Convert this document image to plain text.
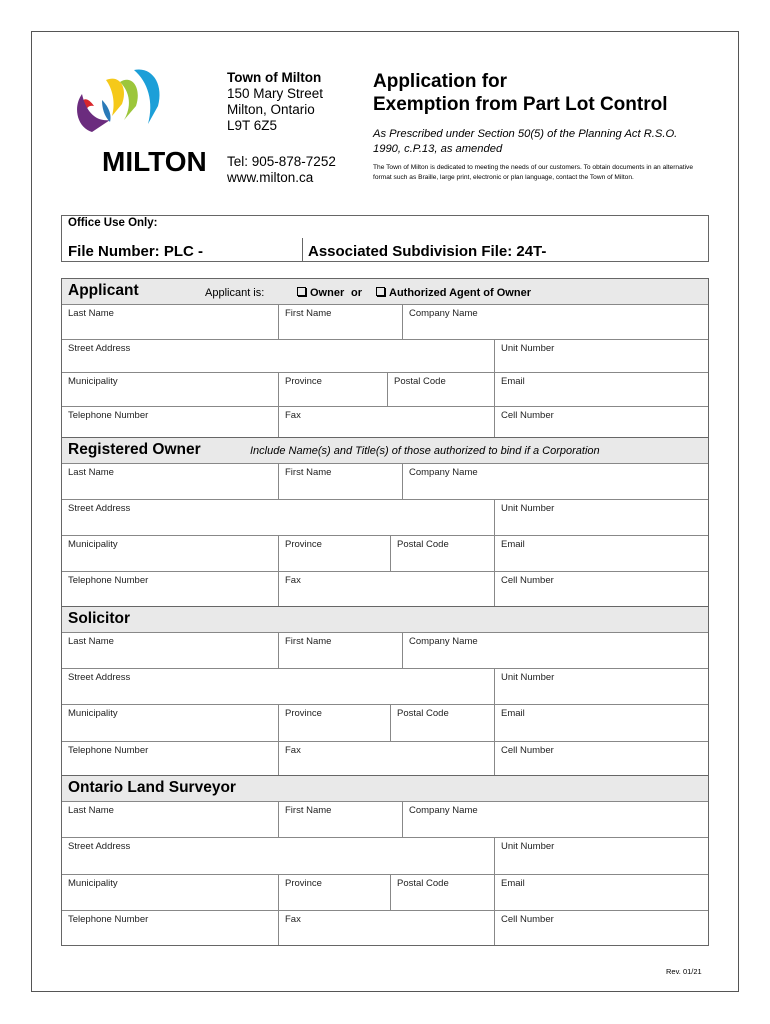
MILTON
Town of Milton
150 Mary Street
Milton, Ontario
L9T 6Z5
Tel: 905-878-7252
www.milton.ca
Application for
Exemption from Part Lot Control
As Prescribed under Section 50(5) of the Planning Act R.S.O. 1990, c.P.13, as amended
The Town of Milton is dedicated to meeting the needs of our customers. To obtain documents in an alternative format such as Braille, large print, electronic or plan language, contact the Town of Milton.
Office Use Only:
File Number: PLC -	Associated Subdivision File: 24T-
Applicant	Applicant is:	Owner or	Authorized Agent of Owner
Last Name	First Name	Company Name
Street Address	Unit Number
Municipality	Province	Postal Code	Email
Telephone Number	Fax	Cell Number
Registered Owner	Include Name(s) and Title(s) of those authorized to bind if a Corporation
Last Name	First Name	Company Name
Street Address	Unit Number
Municipality	Province	Postal Code	Email
Telephone Number	Fax	Cell Number
Solicitor
Last Name	First Name	Company Name
Street Address	Unit Number
Municipality	Province	Postal Code	Email
Telephone Number	Fax	Cell Number
Ontario Land Surveyor
Last Name	First Name	Company Name
Street Address	Unit Number
Municipality	Province	Postal Code	Email
Telephone Number	Fax	Cell Number
Rev. 01/21
